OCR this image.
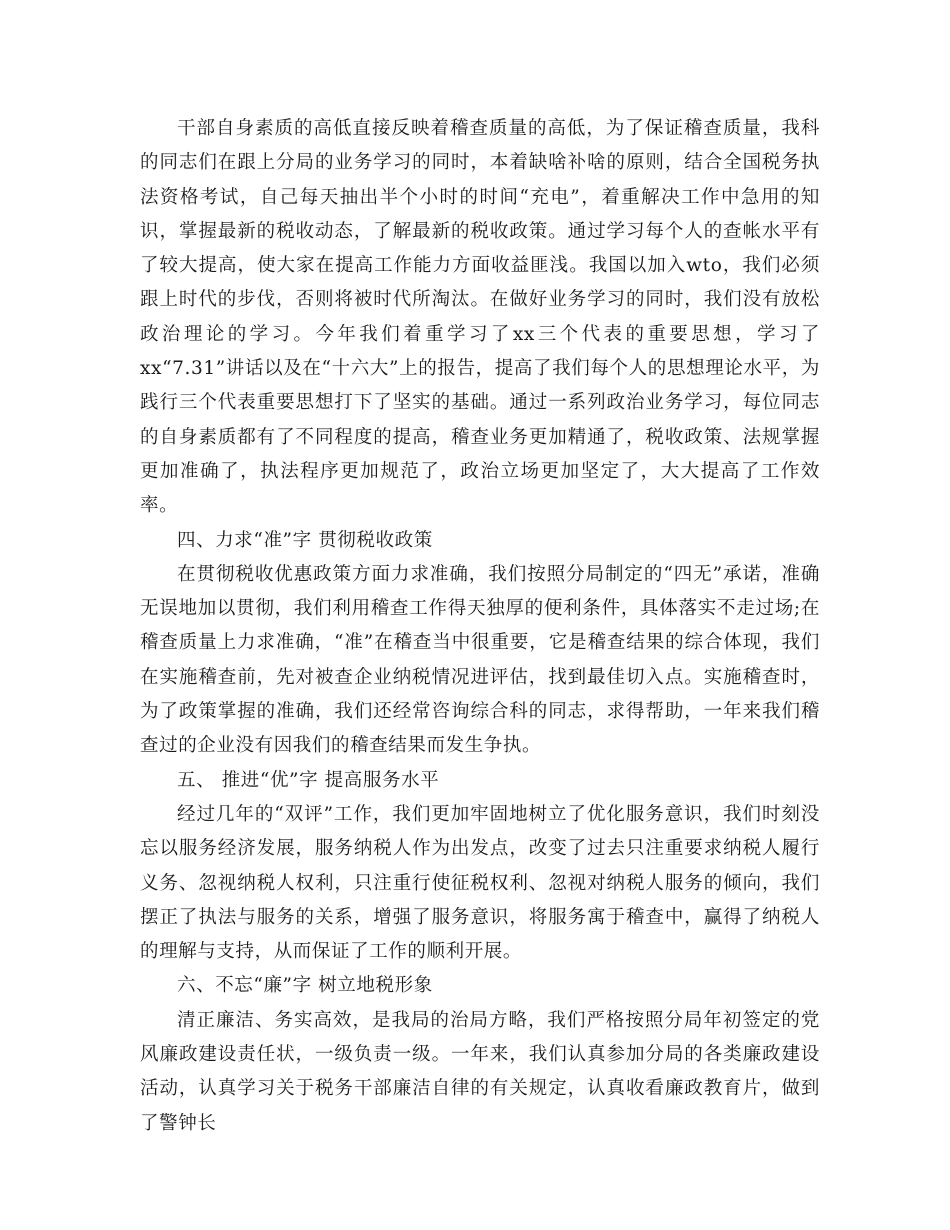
干部自身素质的高低直接反映着稽查质量的高低，为了保证稽查质量，我科的同志们在跟上分局的业务学习的同时，本着缺啥补啥的原则，结合全国税务执法资格考试，自己每天抽出半个小时的时间“充电”，着重解决工作中急用的知识，掌握最新的税收动态，了解最新的税收政策。通过学习每个人的查帐水平有了较大提高，使大家在提高工作能力方面收益匪浅。我国以加入wto，我们必须跟上时代的步伐，否则将被时代所淘汰。在做好业务学习的同时，我们没有放松政治理论的学习。今年我们着重学习了xx三个代表的重要思想，学习了xx“7.31”讲话以及在“十六大”上的报告，提高了我们每个人的思想理论水平，为践行三个代表重要思想打下了坚实的基础。通过一系列政治业务学习，每位同志的自身素质都有了不同程度的提高，稽查业务更加精通了，税收政策、法规掌握更加准确了，执法程序更加规范了，政治立场更加坚定了，大大提高了工作效率。

四、力求“准”字 贯彻税收政策

在贯彻税收优惠政策方面力求准确，我们按照分局制定的“四无”承诺，准确无误地加以贯彻，我们利用稽查工作得天独厚的便利条件，具体落实不走过场;在稽查质量上力求准确，“准”在稽查当中很重要，它是稽查结果的综合体现，我们在实施稽查前，先对被查企业纳税情况进评估，找到最佳切入点。实施稽查时，为了政策掌握的准确，我们还经常咨询综合科的同志，求得帮助，一年来我们稽查过的企业没有因我们的稽查结果而发生争执。

五、 推进“优”字 提高服务水平

经过几年的“双评”工作，我们更加牢固地树立了优化服务意识，我们时刻没忘以服务经济发展，服务纳税人作为出发点，改变了过去只注重要求纳税人履行义务、忽视纳税人权利，只注重行使征税权利、忽视对纳税人服务的倾向，我们摆正了执法与服务的关系，增强了服务意识，将服务寓于稽查中，赢得了纳税人的理解与支持，从而保证了工作的顺利开展。

六、不忘“廉”字 树立地税形象

清正廉洁、务实高效，是我局的治局方略，我们严格按照分局年初签定的党风廉政建设责任状，一级负责一级。一年来，我们认真参加分局的各类廉政建设活动，认真学习关于税务干部廉洁自律的有关规定，认真收看廉政教育片，做到了警钟长
